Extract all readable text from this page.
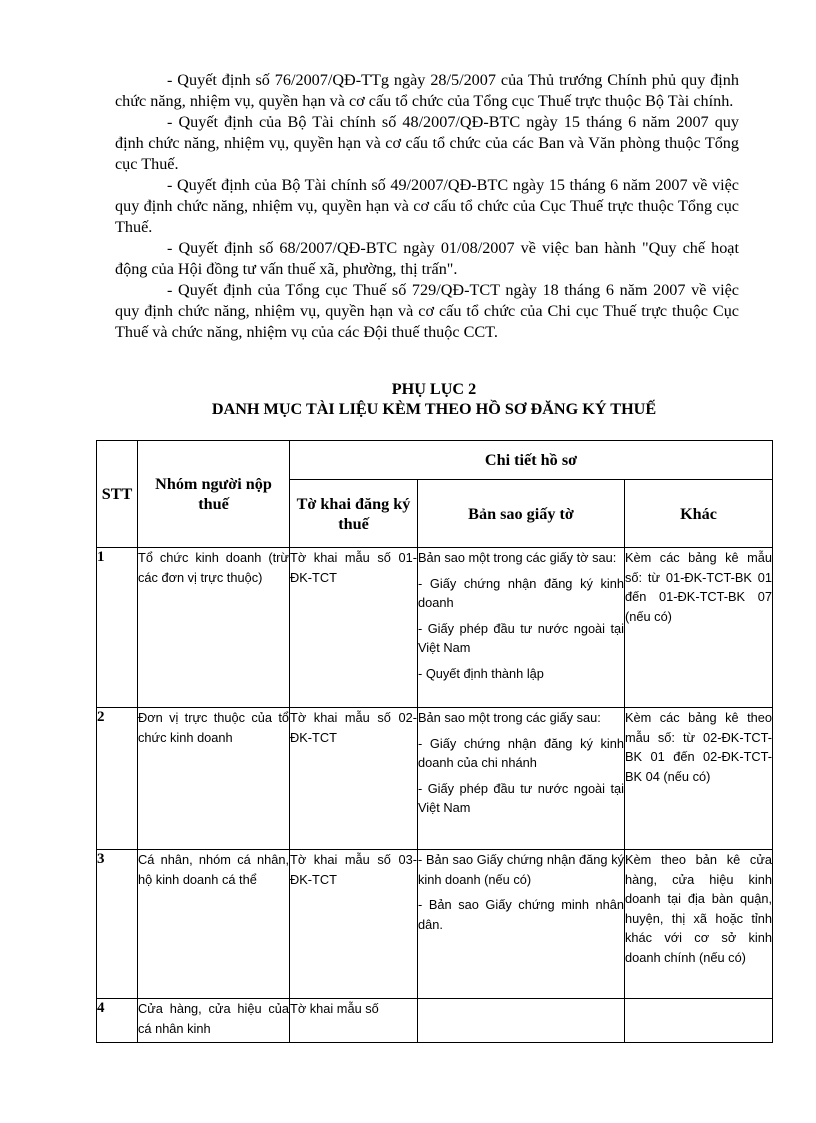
- Quyết định số 76/2007/QĐ-TTg ngày 28/5/2007 của Thủ trướng Chính phủ quy định chức năng, nhiệm vụ, quyền hạn và cơ cấu tổ chức của Tổng cục Thuế trực thuộc Bộ Tài chính.

- Quyết định của Bộ Tài chính số 48/2007/QĐ-BTC ngày 15 tháng 6 năm 2007 quy định chức năng, nhiệm vụ, quyền hạn và cơ cấu tổ chức của các Ban và Văn phòng thuộc Tổng cục Thuế.

- Quyết định của Bộ Tài chính số 49/2007/QĐ-BTC ngày 15 tháng 6 năm 2007 về việc quy định chức năng, nhiệm vụ, quyền hạn và cơ cấu tổ chức của Cục Thuế trực thuộc Tổng cục Thuế.

- Quyết định số 68/2007/QĐ-BTC ngày 01/08/2007 về việc ban hành "Quy chế hoạt động của Hội đồng tư vấn thuế xã, phường, thị trấn".

- Quyết định của Tổng cục Thuế số 729/QĐ-TCT ngày 18 tháng 6 năm 2007 về việc quy định chức năng, nhiệm vụ, quyền hạn và cơ cấu tổ chức của Chi cục Thuế trực thuộc Cục Thuế và chức năng, nhiệm vụ của các Đội thuế thuộc CCT.

PHỤ LỤC 2

DANH MỤC TÀI LIỆU KÈM THEO HỒ SƠ ĐĂNG KÝ THUẾ

STT	Nhóm người nộp thuế	Chi tiết hồ sơ		
		Tờ khai đăng ký thuế	Bản sao giấy tờ	Khác
1	Tổ chức kinh doanh (trừ các đơn vị trực thuộc)	Tờ khai mẫu số 01-ĐK-TCT	Bản sao một trong các giấy tờ sau:
- Giấy chứng nhận đăng ký kinh doanh
- Giấy phép đầu tư nước ngoài tại Việt Nam
- Quyết định thành lập	Kèm các bảng kê mẫu số: từ 01-ĐK-TCT-BK 01 đến 01-ĐK-TCT-BK 07 (nếu có)
2	Đơn vị trực thuộc của tổ chức kinh doanh	Tờ khai mẫu số 02-ĐK-TCT	Bản sao một trong các giấy sau:
- Giấy chứng nhận đăng ký kinh doanh của chi nhánh
- Giấy phép đầu tư nước ngoài tại Việt Nam	Kèm các bảng kê theo mẫu số: từ 02-ĐK-TCT-BK 01 đến 02-ĐK-TCT-BK 04 (nếu có)
3	Cá nhân, nhóm cá nhân, hộ kinh doanh cá thể	Tờ khai mẫu số 03-ĐK-TCT	- Bản sao Giấy chứng nhận đăng ký kinh doanh (nếu có)
- Bản sao Giấy chứng minh nhân dân.	Kèm theo bản kê cửa hàng, cửa hiệu kinh doanh tại địa bàn quận, huyện, thị xã hoặc tỉnh khác với cơ sở kinh doanh chính (nếu có)
4	Cửa hàng, cửa hiệu của cá nhân kinh	Tờ khai mẫu số		
